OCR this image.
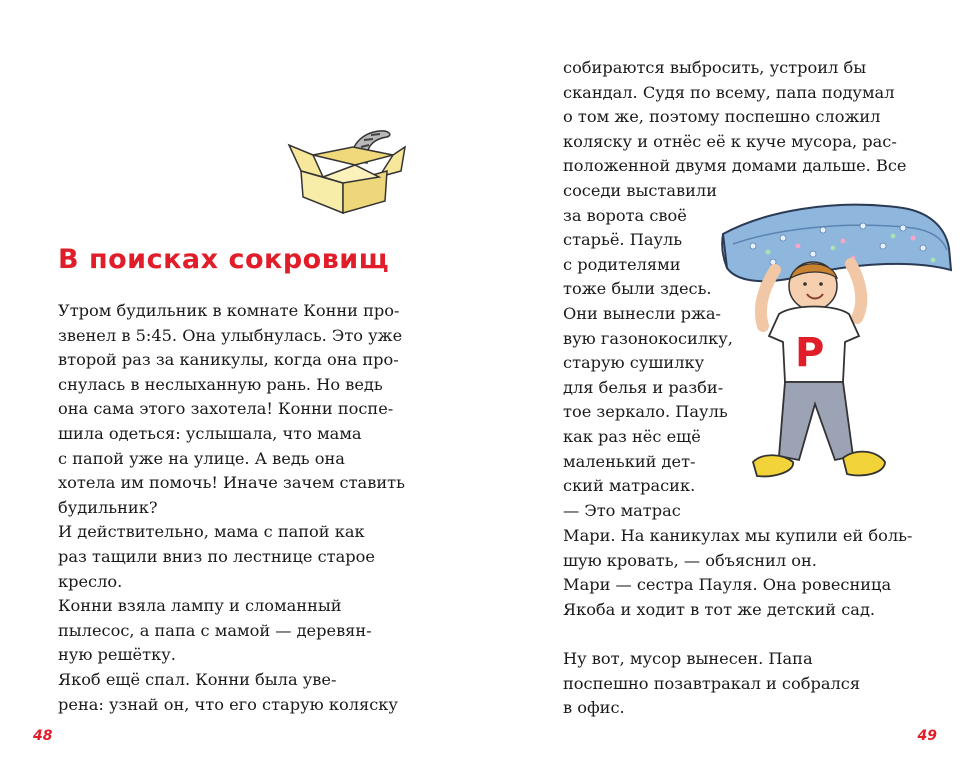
В поисках сокровищ
Утром будильник в комнате Конни про-
звенел в 5:45. Она улыбнулась. Это уже
второй раз за каникулы, когда она про-
снулась в неслыханную рань. Но ведь
она сама этого захотела! Конни поспе-
шила одеться: услышала, что мама
с папой уже на улице. А ведь она
хотела им помочь! Иначе зачем ставить
будильник?
И действительно, мама с папой как
раз тащили вниз по лестнице старое
кресло.
Конни взяла лампу и сломанный
пылесос, а папа с мамой — деревян-
ную решётку.
Якоб ещё спал. Конни была уве-
рена: узнай он, что его старую коляску

48

собираются выбросить, устроил бы
скандал. Судя по всему, папа подумал
о том же, поэтому поспешно сложил
коляску и отнёс её к куче мусора, рас-
положенной двумя домами дальше. Все
соседи выставили
за ворота своё
старьё. Пауль
с родителями
тоже были здесь.
Они вынесли ржа-
вую газонокосилку,
старую сушилку
для белья и разби-
тое зеркало. Пауль
как раз нёс ещё
маленький дет-
ский матрасик.
— Это матрас
Мари. На каникулах мы купили ей боль-
шую кровать, — объяснил он.
Мари — сестра Пауля. Она ровесница
Якоба и ходит в тот же детский сад.
Ну вот, мусор вынесен. Папа
поспешно позавтракал и собрался
в офис.

49

P
